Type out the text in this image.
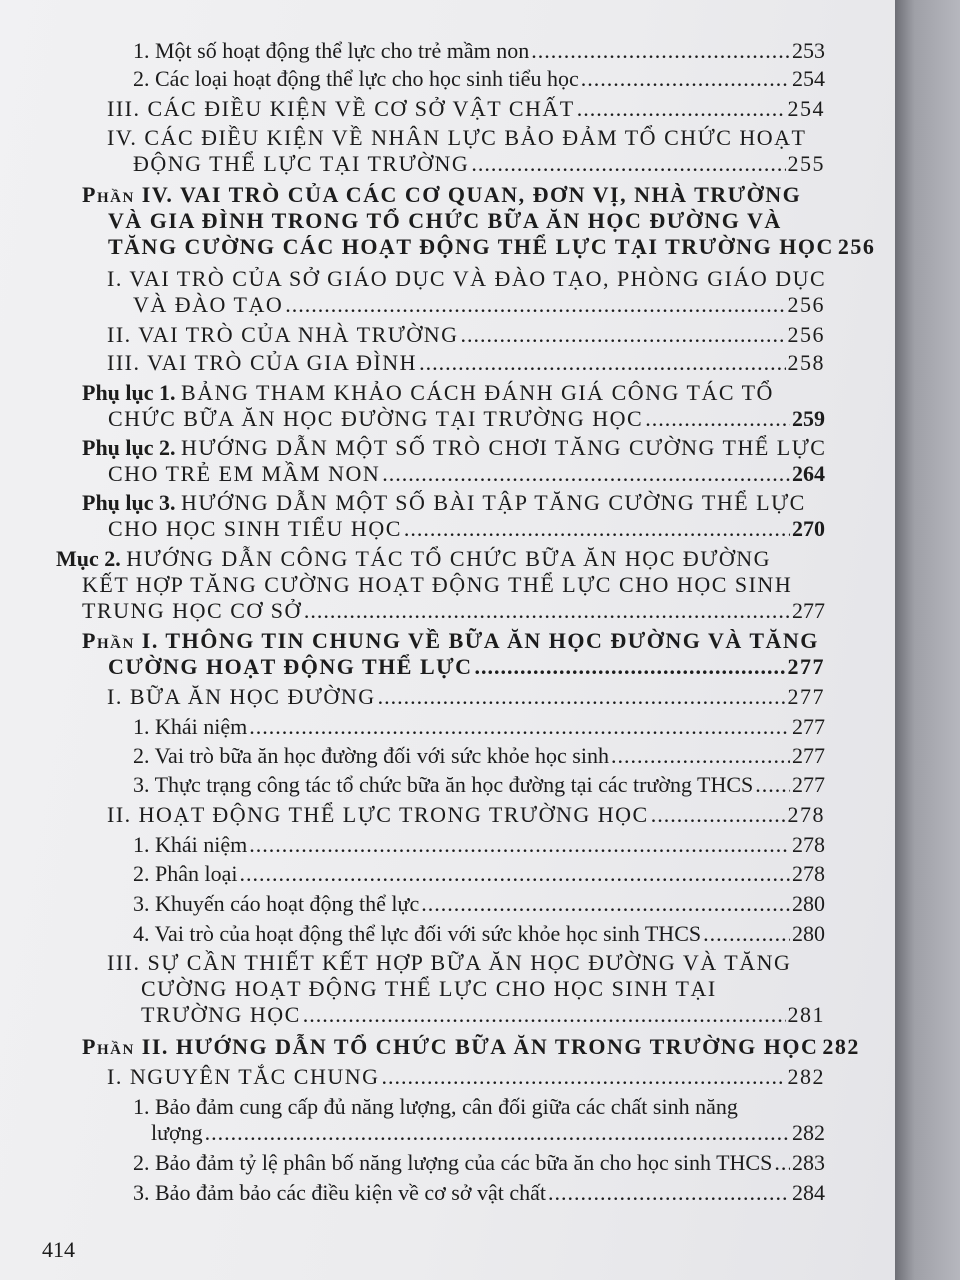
1. Một số hoạt động thể lực cho trẻ mầm non .....	253
2. Các loại hoạt động thể lực cho học sinh tiểu học .....	254
III. CÁC ĐIỀU KIỆN VỀ CƠ SỞ VẬT CHẤT .....	254
IV. CÁC ĐIỀU KIỆN VỀ NHÂN LỰC BẢO ĐẢM TỔ CHỨC HOẠT
ĐỘNG THỂ LỰC TẠI TRƯỜNG .....	255
Phần IV. VAI TRÒ CỦA CÁC CƠ QUAN, ĐƠN VỊ, NHÀ TRƯỜNG
VÀ GIA ĐÌNH TRONG TỔ CHỨC BỮA ĂN HỌC ĐƯỜNG VÀ
TĂNG CƯỜNG CÁC HOẠT ĐỘNG THỂ LỰC TẠI TRƯỜNG HỌC 256
I. VAI TRÒ CỦA SỞ GIÁO DỤC VÀ ĐÀO TẠO, PHÒNG GIÁO DỤC
VÀ ĐÀO TẠO .....	256
II. VAI TRÒ CỦA NHÀ TRƯỜNG .....	256
III. VAI TRÒ CỦA GIA ĐÌNH .....	258
Phụ lục 1. BẢNG THAM KHẢO CÁCH ĐÁNH GIÁ CÔNG TÁC TỔ
CHỨC BỮA ĂN HỌC ĐƯỜNG TẠI TRƯỜNG HỌC .....	259
Phụ lục 2. HƯỚNG DẪN MỘT SỐ TRÒ CHƠI TĂNG CƯỜNG THỂ LỰC
CHO TRẺ EM MẦM NON .....	264
Phụ lục 3. HƯỚNG DẪN MỘT SỐ BÀI TẬP TĂNG CƯỜNG THỂ LỰC
CHO HỌC SINH TIỂU HỌC .....	270
Mục 2. HƯỚNG DẪN CÔNG TÁC TỔ CHỨC BỮA ĂN HỌC ĐƯỜNG
KẾT HỢP TĂNG CƯỜNG HOẠT ĐỘNG THỂ LỰC CHO HỌC SINH
TRUNG HỌC CƠ SỞ .....	277
Phần I. THÔNG TIN CHUNG VỀ BỮA ĂN HỌC ĐƯỜNG VÀ TĂNG
CƯỜNG HOẠT ĐỘNG THỂ LỰC .....	277
I. BỮA ĂN HỌC ĐƯỜNG .....	277
1. Khái niệm .....	277
2. Vai trò bữa ăn học đường đối với sức khỏe học sinh .....	277
3. Thực trạng công tác tổ chức bữa ăn học đường tại các trường THCS ..... 277
II. HOẠT ĐỘNG THỂ LỰC TRONG TRƯỜNG HỌC .....	278
1. Khái niệm .....	278
2. Phân loại .....	278
3. Khuyến cáo hoạt động thể lực .....	280
4. Vai trò của hoạt động thể lực đối với sức khỏe học sinh THCS .....	280
III. SỰ CẦN THIẾT KẾT HỢP BỮA ĂN HỌC ĐƯỜNG VÀ TĂNG
CƯỜNG HOẠT ĐỘNG THỂ LỰC CHO HỌC SINH TẠI
TRƯỜNG HỌC .....	281
Phần II. HƯỚNG DẪN TỔ CHỨC BỮA ĂN TRONG TRƯỜNG HỌC 282
I. NGUYÊN TẮC CHUNG .....	282
1. Bảo đảm cung cấp đủ năng lượng, cân đối giữa các chất sinh năng
lượng .....	282
2. Bảo đảm tỷ lệ phân bố năng lượng của các bữa ăn cho học sinh THCS ..... 283
3. Bảo đảm bảo các điều kiện về cơ sở vật chất .....	284
414
